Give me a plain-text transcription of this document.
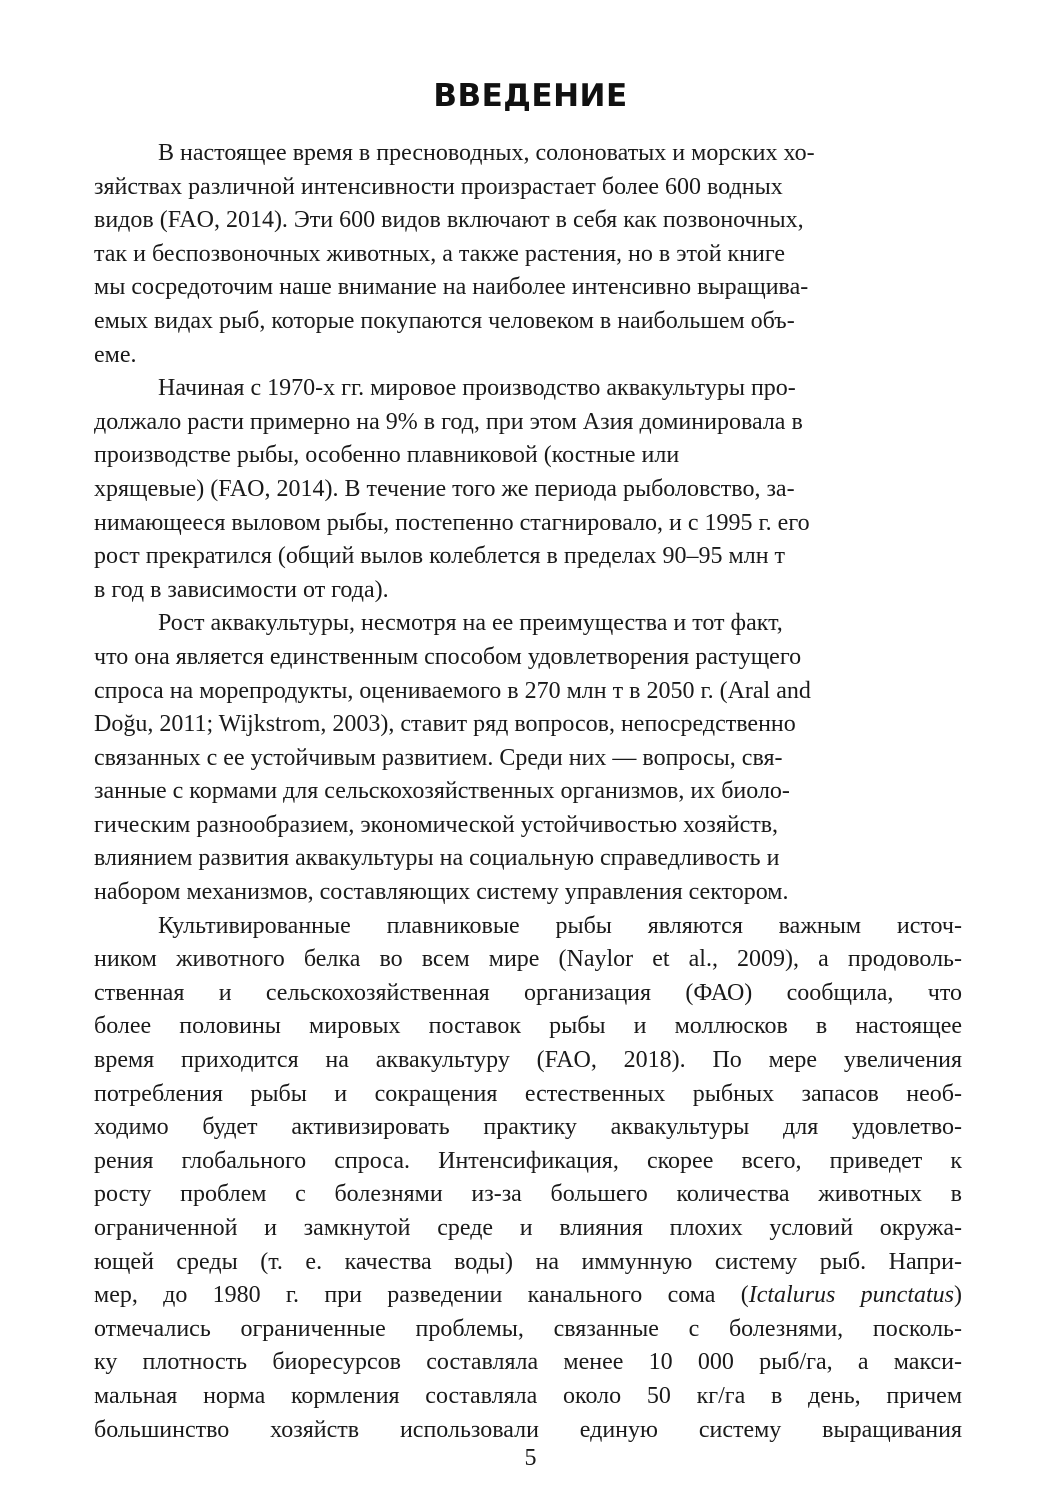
ВВЕДЕНИЕ

В настоящее время в пресноводных, солоноватых и морских хо-
зяйствах различной интенсивности произрастает более 600 водных
видов (FAO, 2014). Эти 600 видов включают в себя как позвоночных,
так и беспозвоночных животных, а также растения, но в этой книге
мы сосредоточим наше внимание на наиболее интенсивно выращива-
емых видах рыб, которые покупаются человеком в наибольшем объ-
еме.

Начиная с 1970-х гг. мировое производство аквакультуры про-
должало расти примерно на 9% в год, при этом Азия доминировала в
производстве рыбы, особенно плавниковой (костные или
хрящевые) (FAO, 2014). В течение того же периода рыболовство, за-
нимающееся выловом рыбы, постепенно стагнировало, и с 1995 г. его
рост прекратился (общий вылов колеблется в пределах 90–95 млн т
в год в зависимости от года).

Рост аквакультуры, несмотря на ее преимущества и тот факт,
что она является единственным способом удовлетворения растущего
спроса на морепродукты, оцениваемого в 270 млн т в 2050 г. (Aral and
Doğu, 2011; Wijkstrom, 2003), ставит ряд вопросов, непосредственно
связанных с ее устойчивым развитием. Среди них — вопросы, свя-
занные с кормами для сельскохозяйственных организмов, их биоло-
гическим разнообразием, экономической устойчивостью хозяйств,
влиянием развития аквакультуры на социальную справедливость и
набором механизмов, составляющих систему управления сектором.

Культивированные плавниковые рыбы являются важным источ-
ником животного белка во всем мире (Naylor et al., 2009), а продоволь-
ственная и сельскохозяйственная организация (ФАО) сообщила, что
более половины мировых поставок рыбы и моллюсков в настоящее
время приходится на аквакультуру (FAO, 2018). По мере увеличения
потребления рыбы и сокращения естественных рыбных запасов необ-
ходимо будет активизировать практику аквакультуры для удовлетво-
рения глобального спроса. Интенсификация, скорее всего, приведет к
росту проблем с болезнями из-за большего количества животных в
ограниченной и замкнутой среде и влияния плохих условий окружа-
ющей среды (т. е. качества воды) на иммунную систему рыб. Напри-
мер, до 1980 г. при разведении канального сома (Ictalurus punctatus)
отмечались ограниченные проблемы, связанные с болезнями, посколь-
ку плотность биоресурсов составляла менее 10 000 рыб/га, а макси-
мальная норма кормления составляла около 50 кг/га в день, причем
большинство хозяйств использовали единую систему выращивания

5
